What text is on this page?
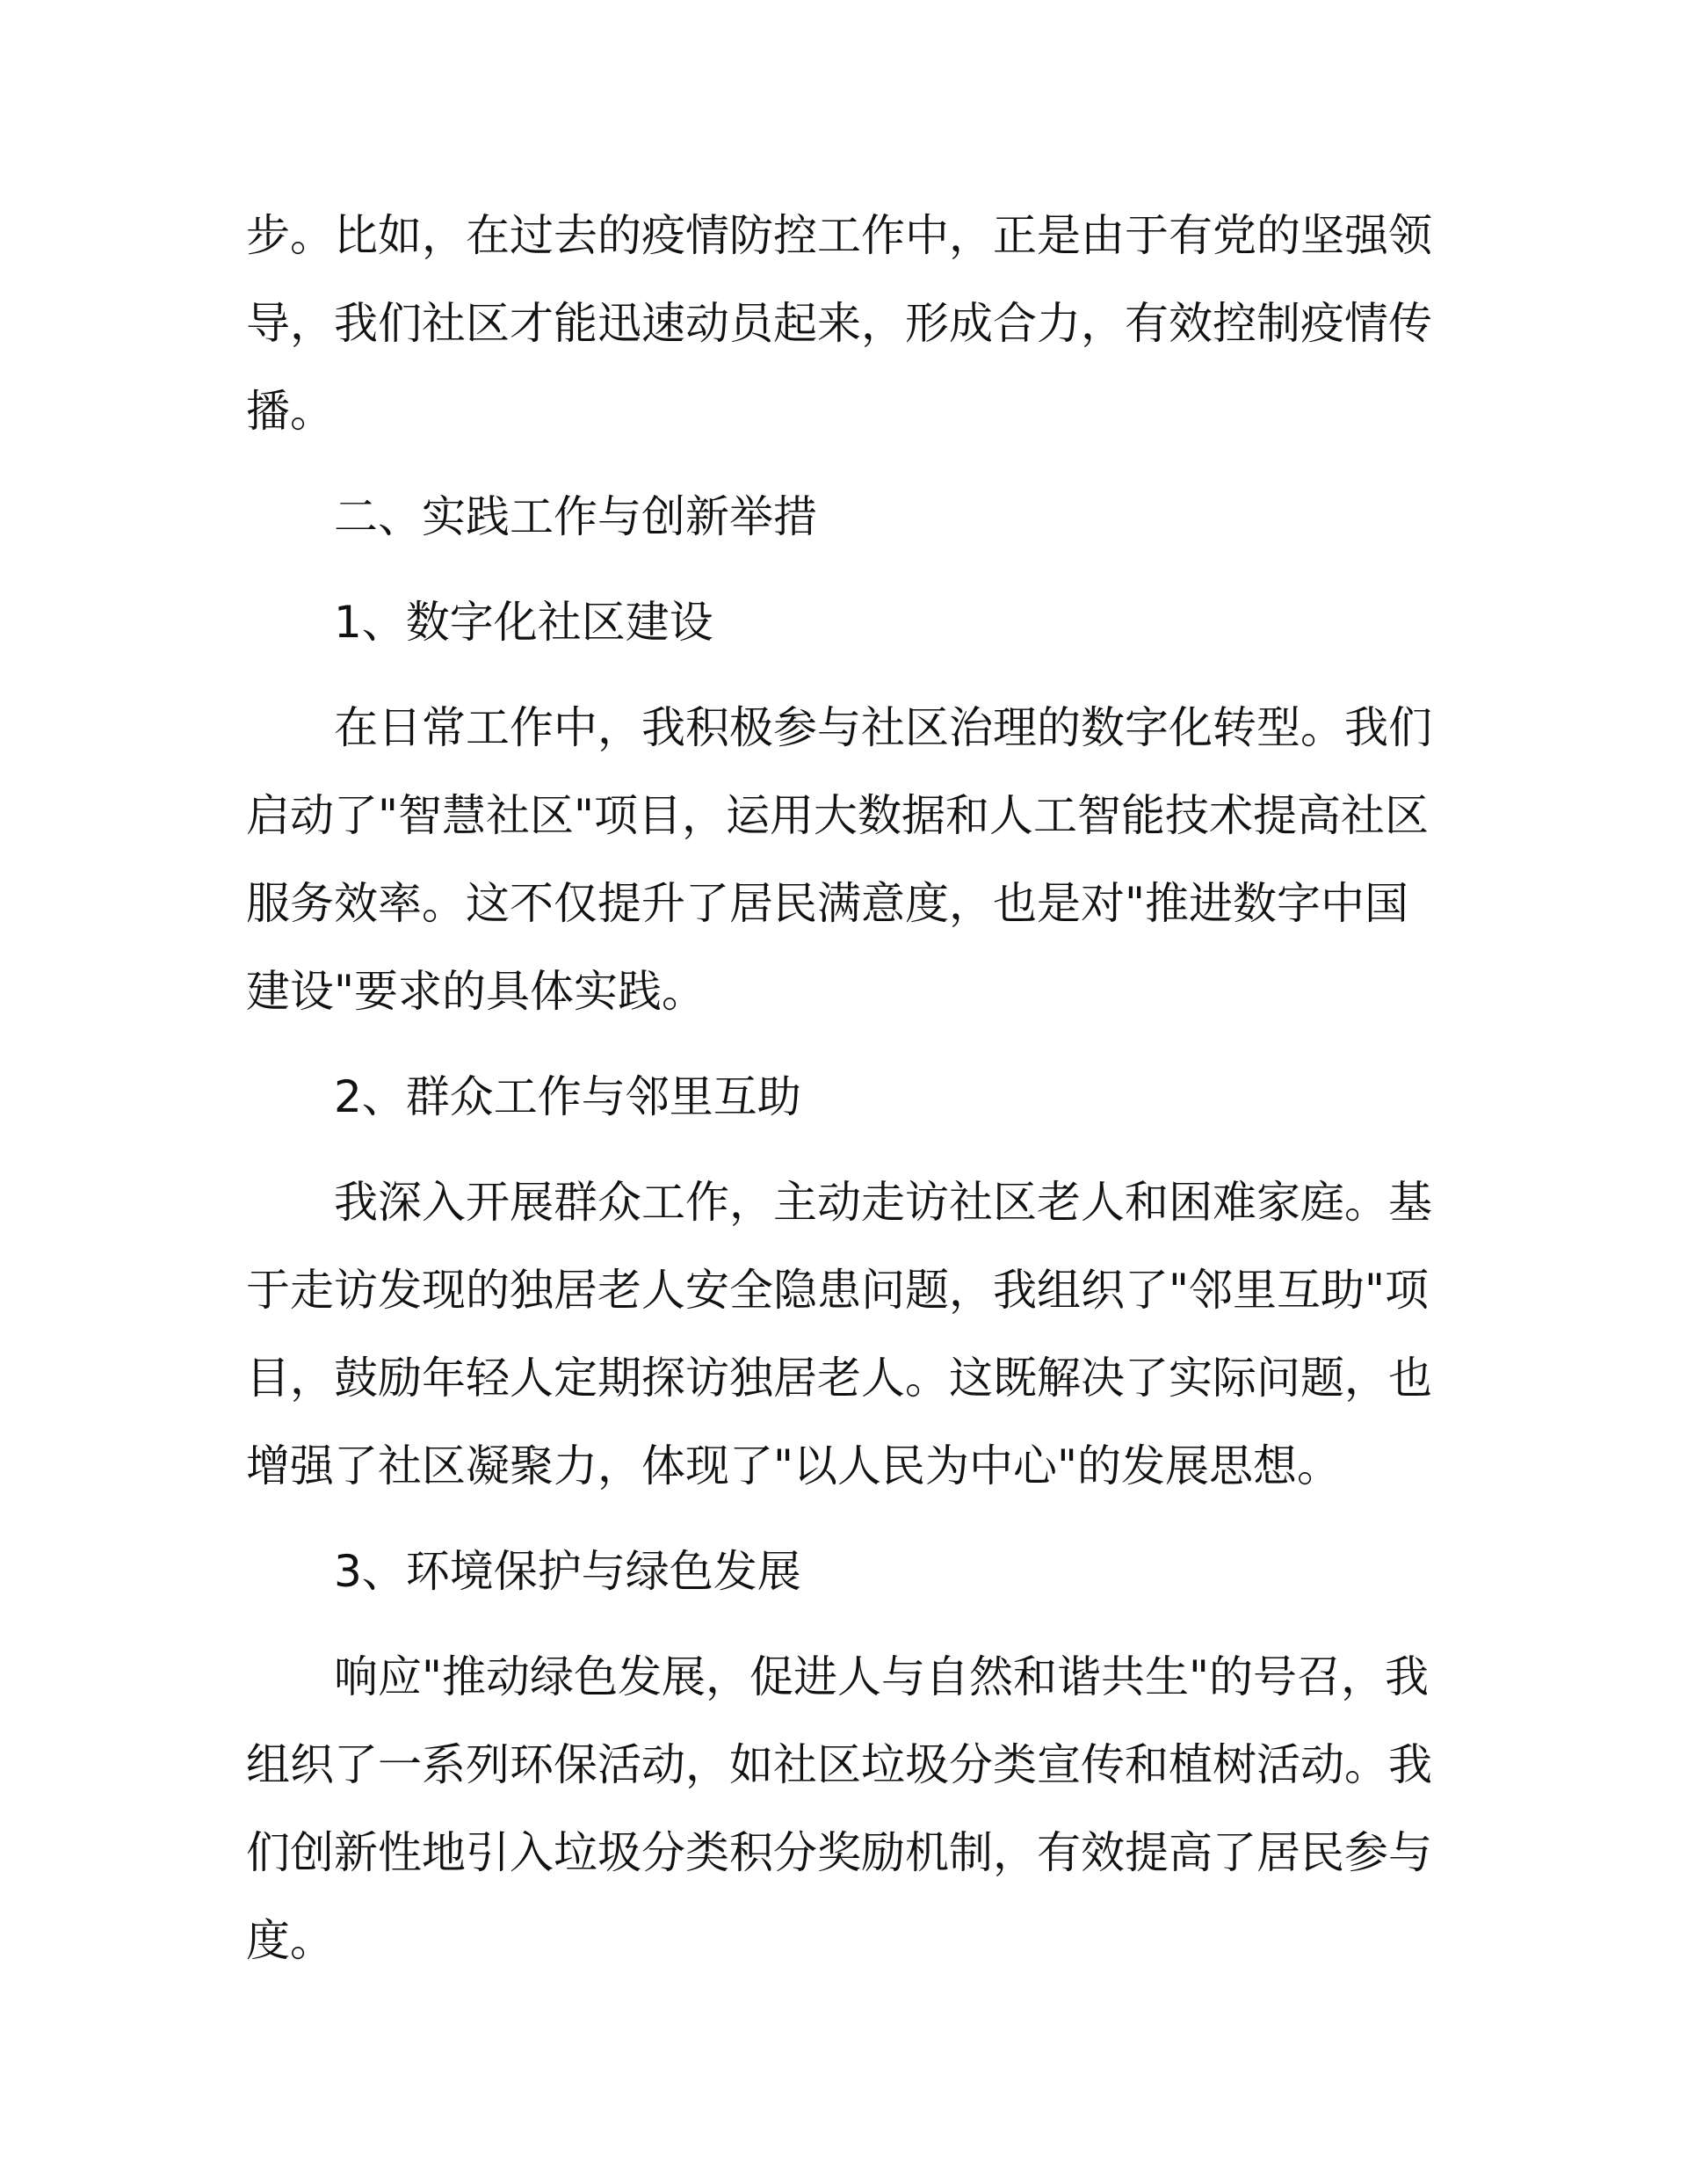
步。比如，在过去的疫情防控工作中，正是由于有党的坚强领
导，我们社区才能迅速动员起来，形成合力，有效控制疫情传
播。
二、实践工作与创新举措
1、数字化社区建设
在日常工作中，我积极参与社区治理的数字化转型。我们
启动了"智慧社区"项目，运用大数据和人工智能技术提高社区
服务效率。这不仅提升了居民满意度，也是对"推进数字中国
建设"要求的具体实践。
2、群众工作与邻里互助
我深入开展群众工作，主动走访社区老人和困难家庭。基
于走访发现的独居老人安全隐患问题，我组织了"邻里互助"项
目，鼓励年轻人定期探访独居老人。这既解决了实际问题，也
增强了社区凝聚力，体现了"以人民为中心"的发展思想。
3、环境保护与绿色发展
响应"推动绿色发展，促进人与自然和谐共生"的号召，我
组织了一系列环保活动，如社区垃圾分类宣传和植树活动。我
们创新性地引入垃圾分类积分奖励机制，有效提高了居民参与
度。
